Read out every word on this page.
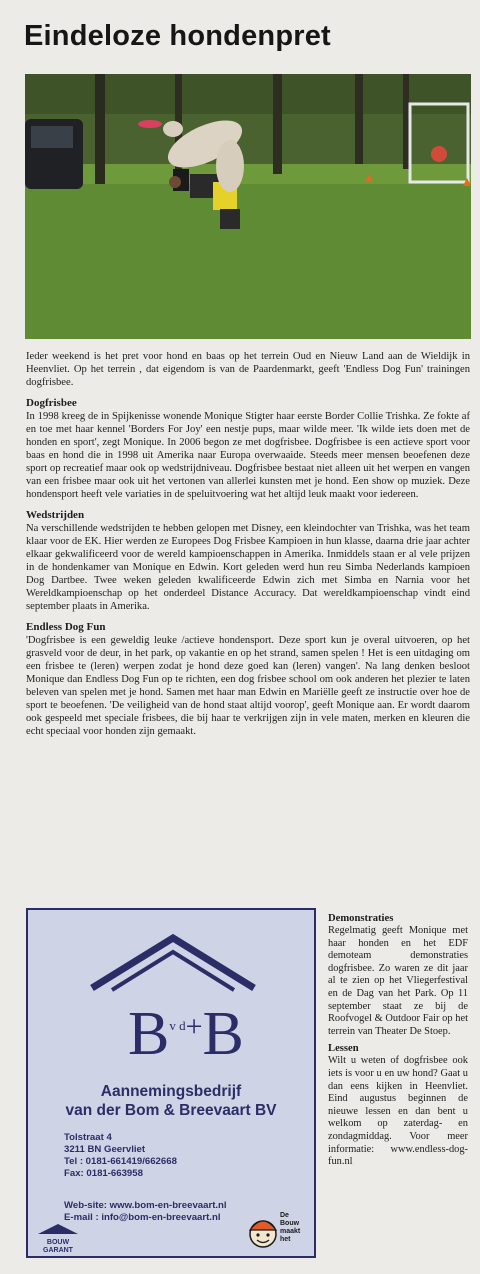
Eindeloze hondenpret

Ieder weekend is het pret voor hond en baas op het terrein Oud en Nieuw Land aan de Wieldijk in Heenvliet. Op het terrein , dat eigendom is van de Paardenmarkt, geeft 'Endless Dog Fun' trainingen dogfrisbee.

Dogfrisbee

In 1998 kreeg de in Spijkenisse wonende Monique Stigter haar eerste Border Collie Trishka. Ze fokte af en toe met haar kennel 'Borders For Joy' een nestje pups, maar wilde meer. 'Ik wilde iets doen met de honden en sport', zegt Monique. In 2006 begon ze met dogfrisbee. Dogfrisbee is een actieve sport voor baas en hond die in 1998 uit Amerika naar Europa overwaaide. Steeds meer mensen beoefenen deze sport op recreatief maar ook op wedstrijdniveau. Dogfrisbee bestaat niet alleen uit het werpen en vangen van een frisbee maar ook uit het vertonen van allerlei kunsten met je hond. Een show op muziek. Deze hondensport heeft vele variaties in de speluitvoering wat het altijd leuk maakt voor iedereen.

Wedstrijden

Na verschillende wedstrijden te hebben gelopen met Disney, een kleindochter van Trishka, was het team klaar voor de EK. Hier werden ze Europees Dog Frisbee Kampioen in hun klasse, daarna drie jaar achter elkaar gekwalificeerd voor de wereld kampioenschappen in Amerika. Inmiddels staan er al vele prijzen in de hondenkamer van Monique en Edwin. Kort geleden werd hun reu Simba Nederlands kampioen Dog Dartbee. Twee weken geleden kwalificeerde Edwin zich met Simba en Narnia voor het Wereldkampioenschap op het onderdeel Distance Accuracy. Dat wereldkampioenschap vindt eind september plaats in Amerika.

Endless Dog Fun

'Dogfrisbee is een geweldig leuke /actieve hondensport. Deze sport kun je overal uitvoeren, op het grasveld voor de deur, in het park, op vakantie en op het strand, samen spelen ! Het is een uitdaging om een frisbee te (leren) werpen zodat je hond deze goed kan (leren) vangen'. Na lang denken besloot Monique dan Endless Dog Fun op te richten, een dog frisbee school om ook anderen het plezier te laten beleven van spelen met je hond. Samen met haar man Edwin en Mariëlle geeft ze instructie over hoe de sport te beoefenen. 'De veiligheid van de hond staat altijd voorop', geeft Monique aan. Er wordt daarom ook gespeeld met speciale frisbees, die bij haar te verkrijgen zijn in vele maten, merken en kleuren die echt speciaal voor honden zijn gemaakt.

$B^{v d+}B$
Aannemingsbedrijf
van der Bom & Breevaart BV
Tolstraat 4
3211 BN Geervliet
Tel : 0181-661419/662668
Fax: 0181-663958
Web-site: www.bom-en-breevaart.nl
E-mail : info@bom-en-breevaart.nl
BOUW
GARANT
De
Bouw
maakt
het
Demonstraties

Regelmatig geeft Monique met haar honden en het EDF demoteam demonstraties dogfrisbee. Zo waren ze dit jaar al te zien op het Vliegerfestival en de Dag van het Park. Op 11 september staat ze bij de Roofvogel & Outdoor Fair op het terrein van Theater De Stoep.

Lessen

Wilt u weten of dogfrisbee ook iets is voor u en uw hond? Gaat u dan eens kijken in Heenvliet. Eind augustus beginnen de nieuwe lessen en dan bent u welkom op zaterdag- en zondagmiddag. Voor meer informatie: www.endless-dog-fun.nl
